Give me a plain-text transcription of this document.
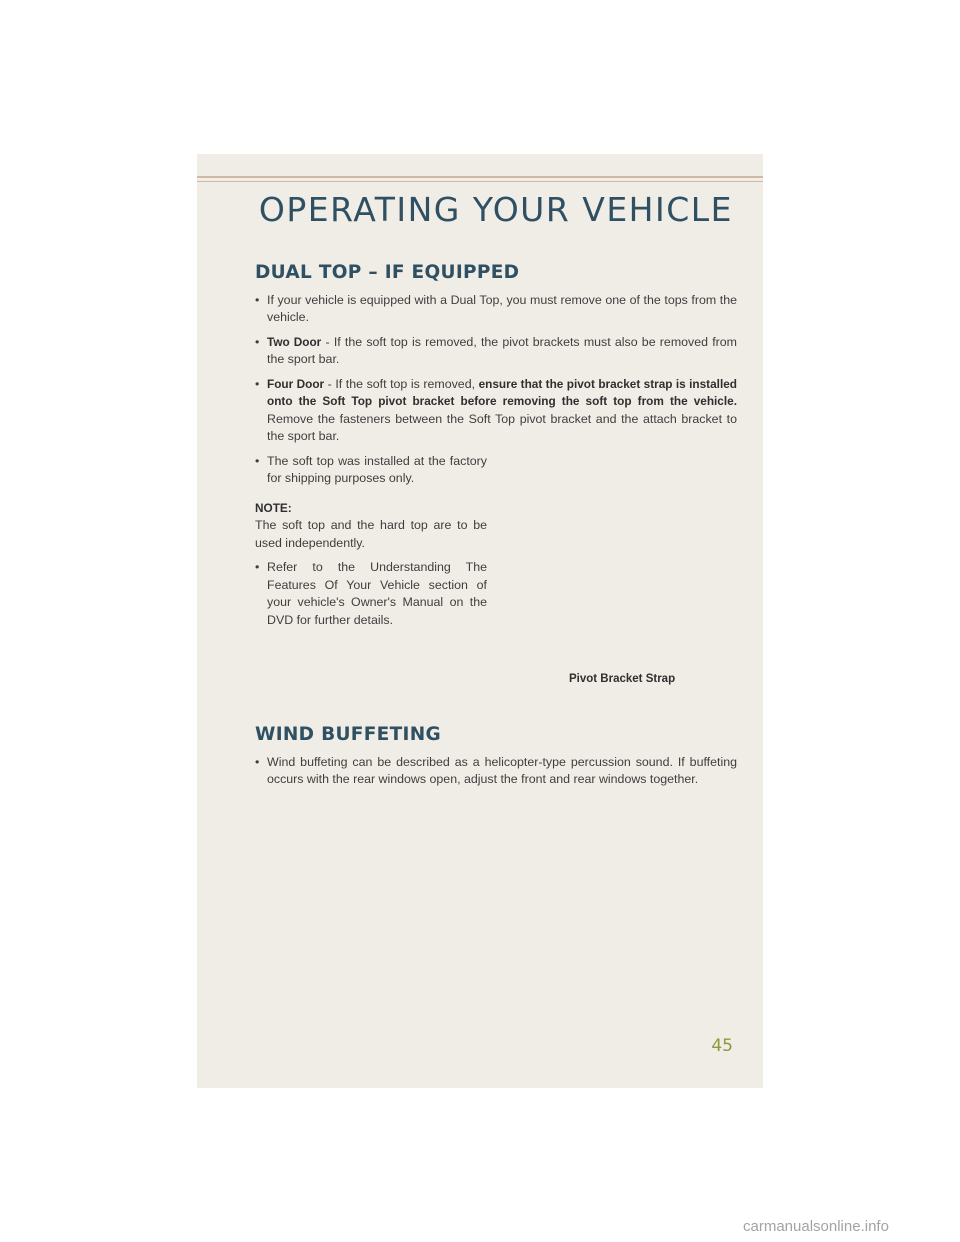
OPERATING YOUR VEHICLE
DUAL TOP – IF EQUIPPED

• If your vehicle is equipped with a Dual Top, you must remove one of the tops from the vehicle.

• Two Door - If the soft top is removed, the pivot brackets must also be removed from the sport bar.

• Four Door - If the soft top is removed, ensure that the pivot bracket strap is installed onto the Soft Top pivot bracket before removing the soft top from the vehicle. Remove the fasteners between the Soft Top pivot bracket and the attach bracket to the sport bar.

• The soft top was installed at the factory for shipping purposes only.

NOTE:

The soft top and the hard top are to be used independently.

• Refer to the Understanding The Features Of Your Vehicle section of your vehicle's Owner's Manual on the DVD for further details.

Pivot Bracket Strap
WIND BUFFETING

• Wind buffeting can be described as a helicopter-type percussion sound. If buffeting occurs with the rear windows open, adjust the front and rear windows together.

45
carmanualsonline.info
